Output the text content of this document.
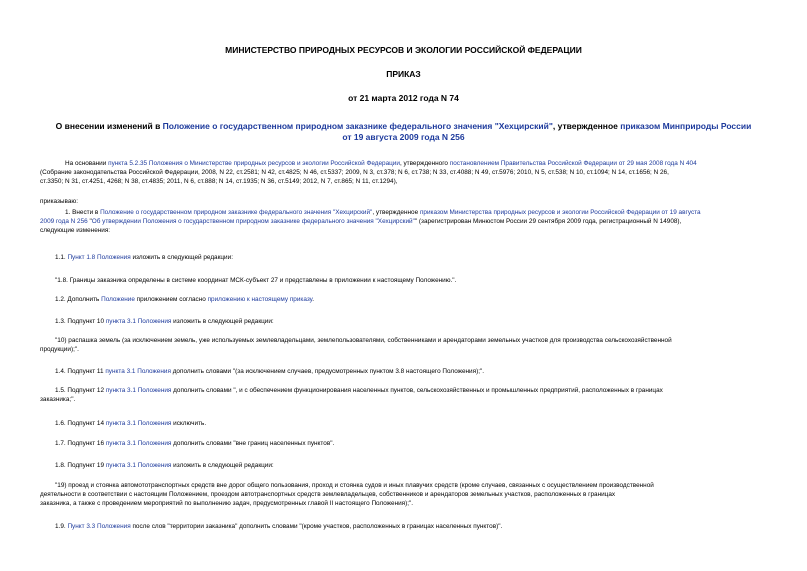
МИНИСТЕРСТВО ПРИРОДНЫХ РЕСУРСОВ И ЭКОЛОГИИ РОССИЙСКОЙ ФЕДЕРАЦИИ
ПРИКАЗ
от 21 марта 2012 года N 74
О внесении изменений в Положение о государственном природном заказнике федерального значения "Хехцирский", утвержденное приказом Минприроды России
от 19 августа 2009 года N 256
На основании пункта 5.2.35 Положения о Министерстве природных ресурсов и экологии Российской Федерации, утвержденного постановлением Правительства Российской Федерации от 29 мая 2008 года N 404
(Собрание законодательства Российской Федерации, 2008, N 22, ст.2581; N 42, ст.4825; N 46, ст.5337; 2009, N 3, ст.378; N 6, ст.738; N 33, ст.4088; N 49, ст.5976; 2010, N 5, ст.538; N 10, ст.1094; N 14, ст.1656; N 26,
ст.3350; N 31, ст.4251, 4268; N 38, ст.4835; 2011, N 6, ст.888; N 14, ст.1935; N 36, ст.5149; 2012, N 7, ст.865; N 11, ст.1294),
приказываю:
1. Внести в Положение о государственном природном заказнике федерального значения "Хехцирский", утвержденное приказом Министерства природных ресурсов и экологии Российской Федерации от 19 августа
2009 года N 256 "Об утверждении Положения о государственном природном заказнике федерального значения "Хехцирский"" (зарегистрирован Минюстом России 29 сентября 2009 года, регистрационный N 14908),
следующие изменения:
1.1. Пункт 1.8 Положения изложить в следующей редакции:
"1.8. Границы заказника определены в системе координат МСК-субъект 27 и представлены в приложении к настоящему Положению.".
1.2. Дополнить Положение приложением согласно приложению к настоящему приказу.
1.3. Подпункт 10 пункта 3.1 Положения изложить в следующей редакции:
"10) распашка земель (за исключением земель, уже используемых землевладельцами, землепользователями, собственниками и арендаторами земельных участков для производства сельскохозяйственной
продукции);".
1.4. Подпункт 11 пункта 3.1 Положения дополнить словами "(за исключением случаев, предусмотренных пунктом 3.8 настоящего Положения);".
1.5. Подпункт 12 пункта 3.1 Положения дополнить словами ", и с обеспечением функционирования населенных пунктов, сельскохозяйственных и промышленных предприятий, расположенных в границах
заказника;".
1.6. Подпункт 14 пункта 3.1 Положения исключить.
1.7. Подпункт 16 пункта 3.1 Положения дополнить словами "вне границ населенных пунктов".
1.8. Подпункт 19 пункта 3.1 Положения изложить в следующей редакции:
"19) проезд и стоянка автомототранспортных средств вне дорог общего пользования, проход и стоянка судов и иных плавучих средств (кроме случаев, связанных с осуществлением производственной
деятельности в соответствии с настоящим Положением, проездом автотранспортных средств землевладельцев, собственников и арендаторов земельных участков, расположенных в границах
заказника, а также с проведением мероприятий по выполнению задач, предусмотренных главой II настоящего Положения);".
1.9. Пункт 3.3 Положения после слов "территории заказника" дополнить словами "(кроме участков, расположенных в границах населенных пунктов)".
